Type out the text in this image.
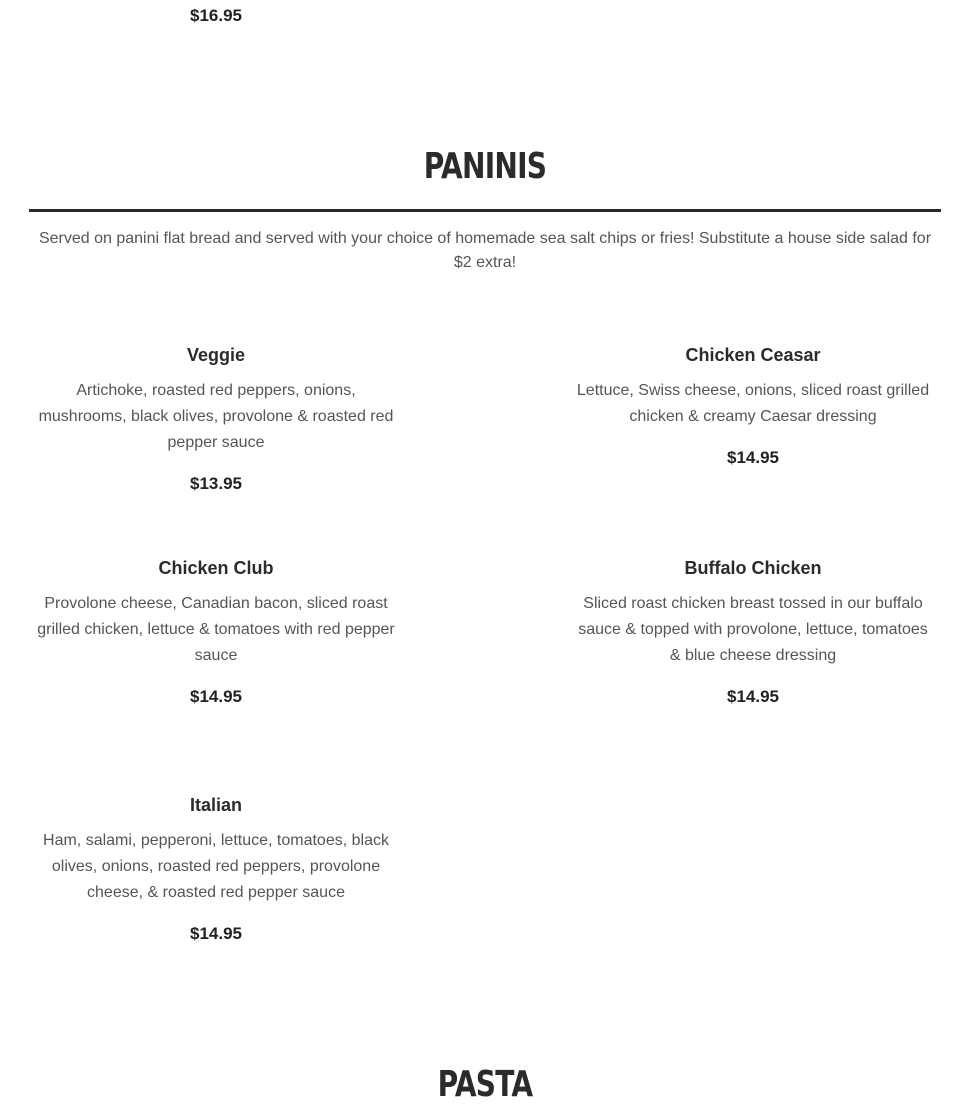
$16.95
PANINIS
Served on panini flat bread and served with your choice of homemade sea salt chips or fries! Substitute a house side salad for $2 extra!
Veggie
Artichoke, roasted red peppers, onions, mushrooms, black olives, provolone & roasted red pepper sauce
$13.95
Chicken Ceasar
Lettuce, Swiss cheese, onions, sliced roast grilled chicken & creamy Caesar dressing
$14.95
Chicken Club
Provolone cheese, Canadian bacon, sliced roast grilled chicken, lettuce & tomatoes with red pepper sauce
$14.95
Buffalo Chicken
Sliced roast chicken breast tossed in our buffalo sauce & topped with provolone, lettuce, tomatoes & blue cheese dressing
$14.95
Italian
Ham, salami, pepperoni, lettuce, tomatoes, black olives, onions, roasted red peppers, provolone cheese, & roasted red pepper sauce
$14.95
PASTA
